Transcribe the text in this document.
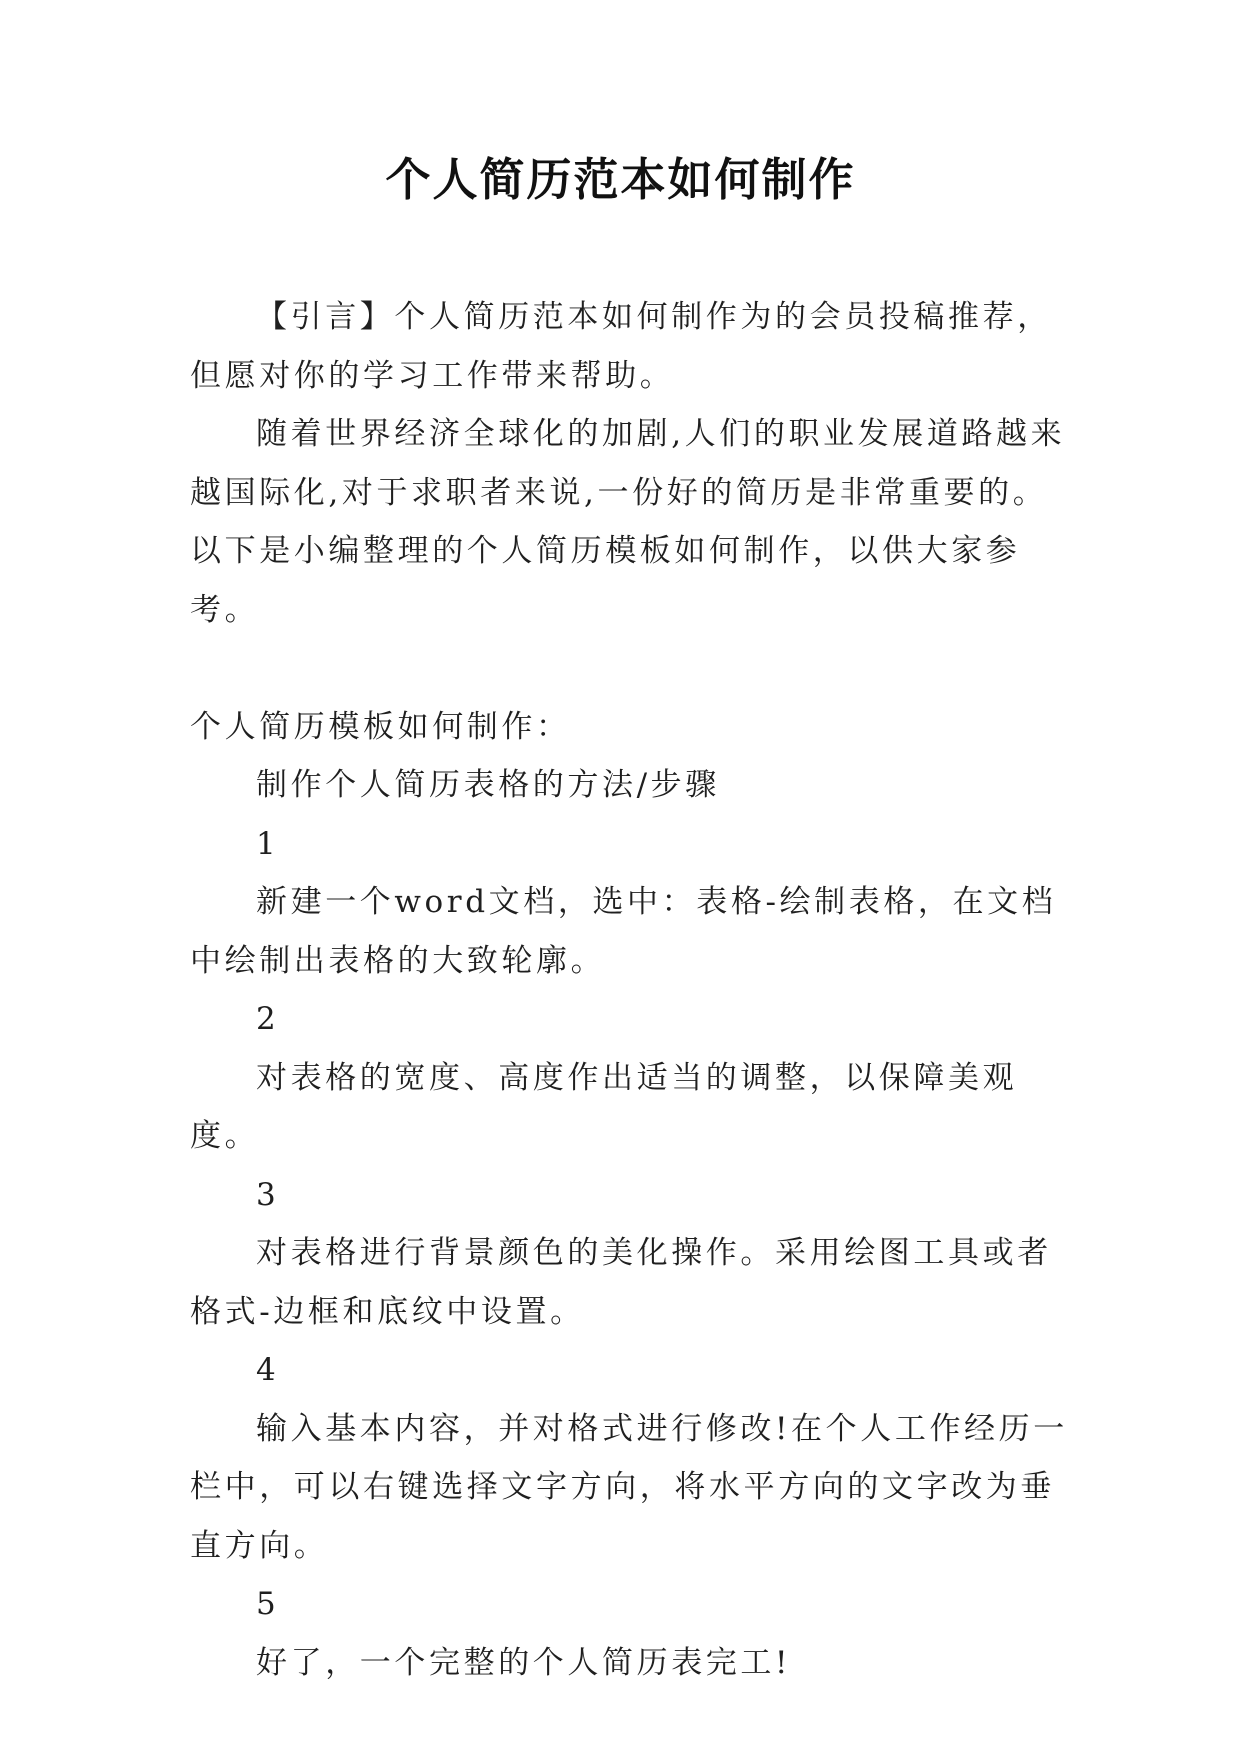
个人简历范本如何制作

【引言】个人简历范本如何制作为的会员投稿推荐，但愿对你的学习工作带来帮助。

随着世界经济全球化的加剧,人们的职业发展道路越来越国际化,对于求职者来说,一份好的简历是非常重要的。以下是小编整理的个人简历模板如何制作，以供大家参考。

个人简历模板如何制作：

制作个人简历表格的方法/步骤

1

新建一个word文档，选中：表格-绘制表格，在文档中绘制出表格的大致轮廓。

2

对表格的宽度、高度作出适当的调整，以保障美观度。

3

对表格进行背景颜色的美化操作。采用绘图工具或者格式-边框和底纹中设置。

4

输入基本内容，并对格式进行修改!在个人工作经历一栏中，可以右键选择文字方向，将水平方向的文字改为垂直方向。

5

好了，一个完整的个人简历表完工!
